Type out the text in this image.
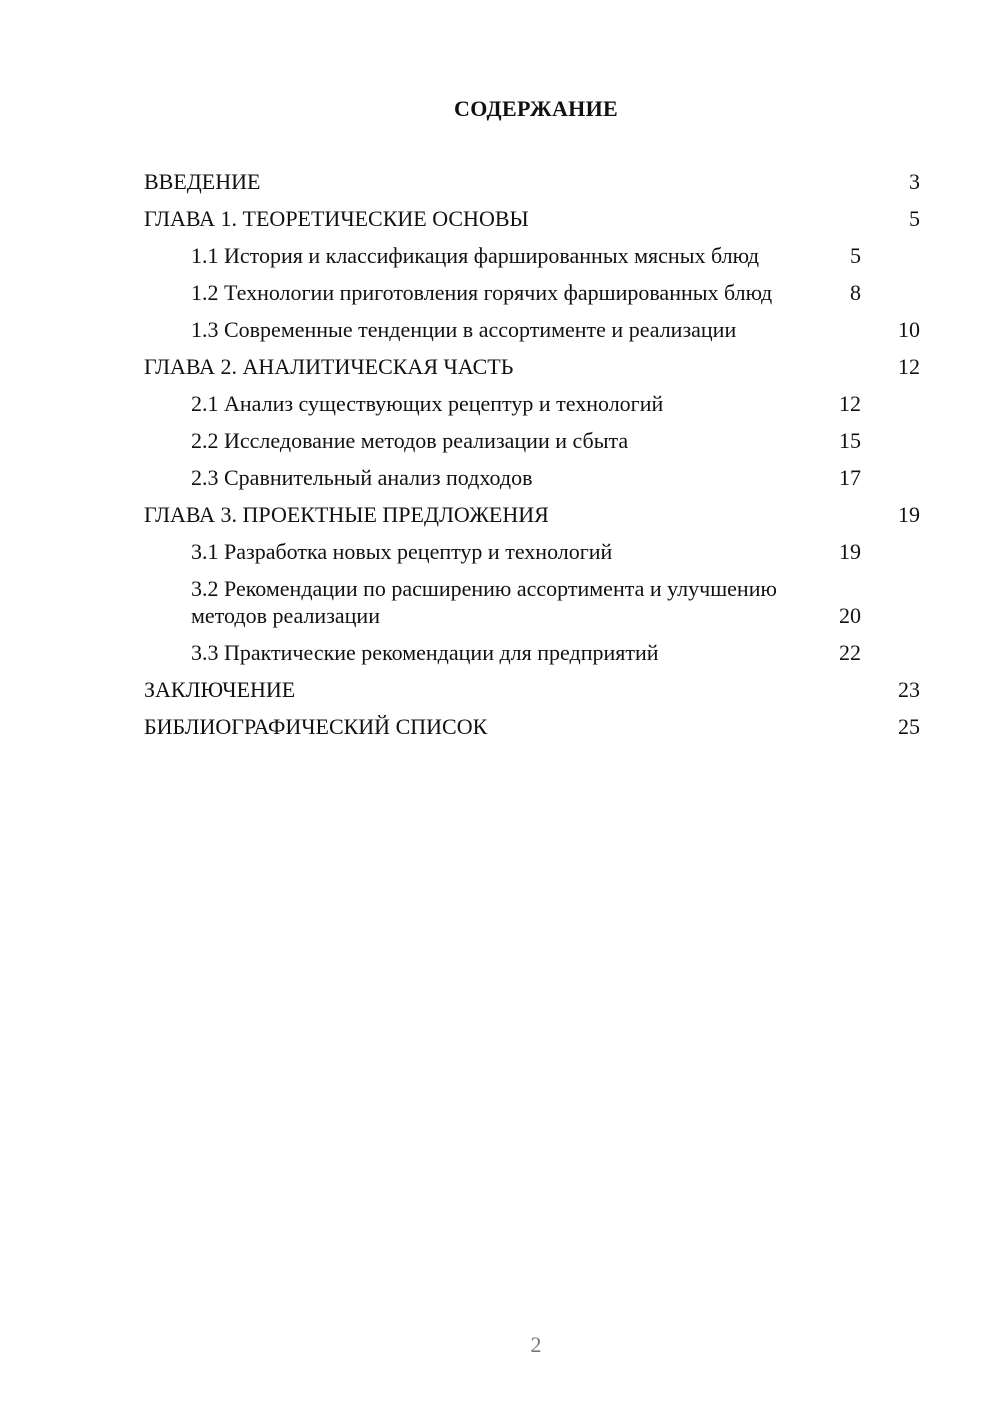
СОДЕРЖАНИЕ
ВВЕДЕНИЕ	3
ГЛАВА 1. ТЕОРЕТИЧЕСКИЕ ОСНОВЫ	5
1.1 История и классификация фаршированных мясных блюд	5
1.2 Технологии приготовления горячих фаршированных блюд	8
1.3 Современные тенденции в ассортименте и реализации	10
ГЛАВА 2. АНАЛИТИЧЕСКАЯ ЧАСТЬ	12
2.1 Анализ существующих рецептур и технологий	12
2.2 Исследование методов реализации и сбыта	15
2.3 Сравнительный анализ подходов	17
ГЛАВА 3. ПРОЕКТНЫЕ ПРЕДЛОЖЕНИЯ	19
3.1 Разработка новых рецептур и технологий	19
3.2 Рекомендации по расширению ассортимента и улучшению методов реализации	20
3.3 Практические рекомендации для предприятий	22
ЗАКЛЮЧЕНИЕ	23
БИБЛИОГРАФИЧЕСКИЙ СПИСОК	25
2
